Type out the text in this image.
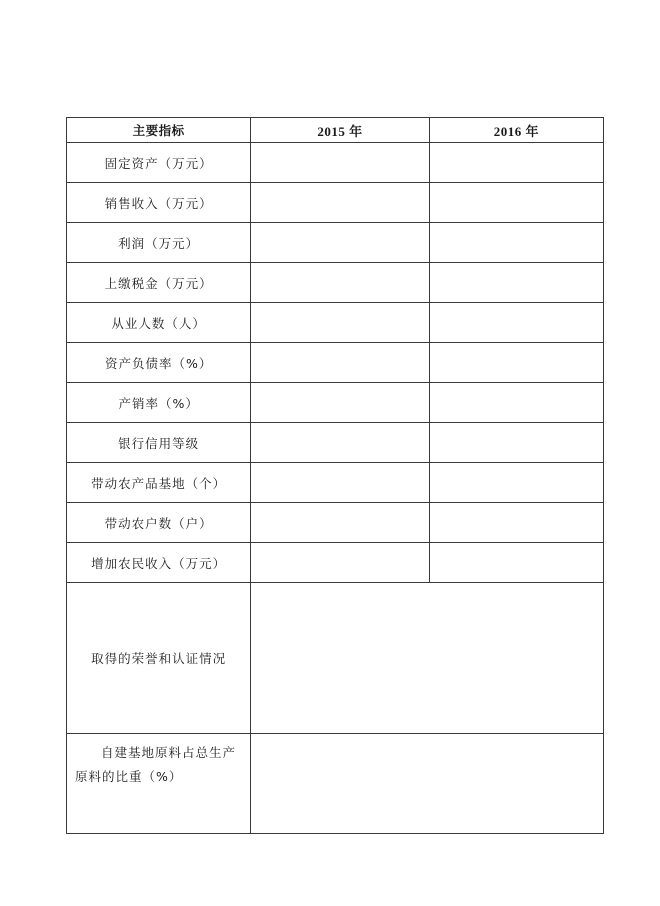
主要指标	2015 年	2016 年
固定资产（万元）		
销售收入（万元）		
利润（万元）		
上缴税金（万元）		
从业人数（人）		
资产负债率（%）		
产销率（%）		
银行信用等级		
带动农产品基地（个）		
带动农户数（户）		
增加农民收入（万元）		
取得的荣誉和认证情况		

自建基地原料占总生产
原料的比重（%）		
